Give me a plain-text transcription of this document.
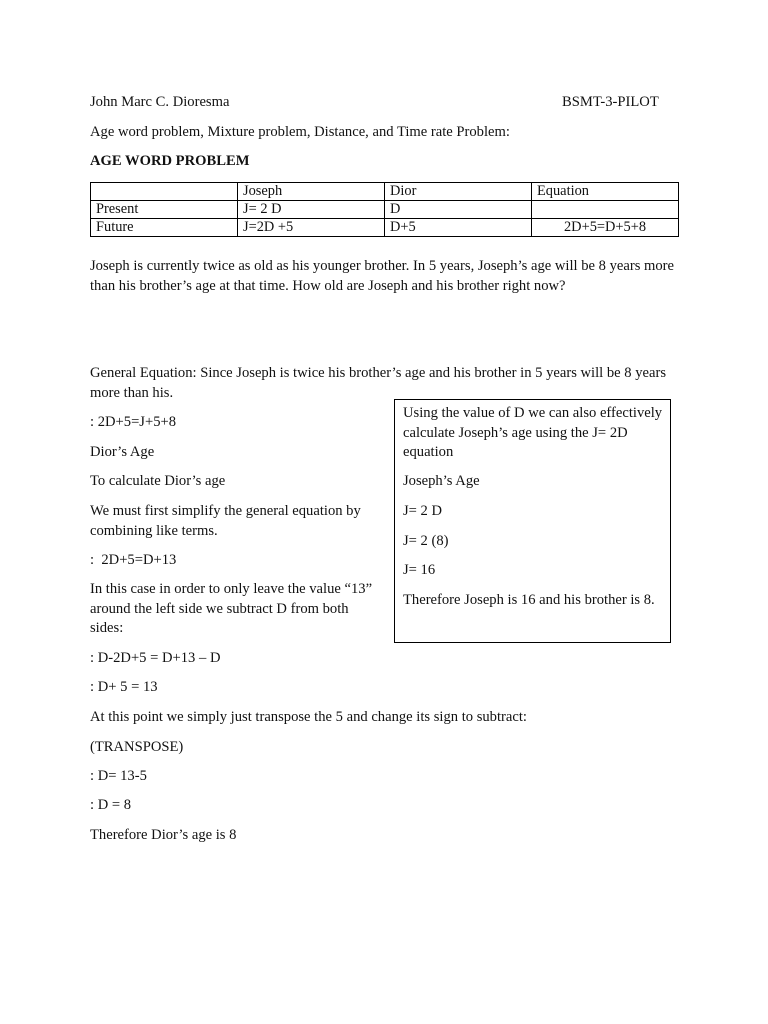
John Marc C. Dioresma	BSMT-3-PILOT
Age word problem, Mixture problem, Distance, and Time rate Problem:
AGE WORD PROBLEM
	Joseph	Dior	Equation
Present	J= 2 D	D	
Future	J=2D +5	D+5	2D+5=D+5+8
Joseph is currently twice as old as his younger brother. In 5 years, Joseph’s age will be 8 years more than his brother’s age at that time. How old are Joseph and his brother right now?
General Equation: Since Joseph is twice his brother’s age and his brother in 5 years will be 8 years more than his.
: 2D+5=J+5+8
Dior’s Age
To calculate Dior’s age
We must first simplify the general equation by combining like terms.
:  2D+5=D+13
In this case in order to only leave the value “13” around the left side we subtract D from both sides:
: D-2D+5 = D+13 – D
: D+ 5 = 13
At this point we simply just transpose the 5 and change its sign to subtract:
(TRANSPOSE)
: D= 13-5
: D = 8
Therefore Dior’s age is 8
Using the value of D we can also effectively calculate Joseph’s age using the J= 2D equation
Joseph’s Age
J= 2 D
J= 2 (8)
J= 16
Therefore Joseph is 16 and his brother is 8.
